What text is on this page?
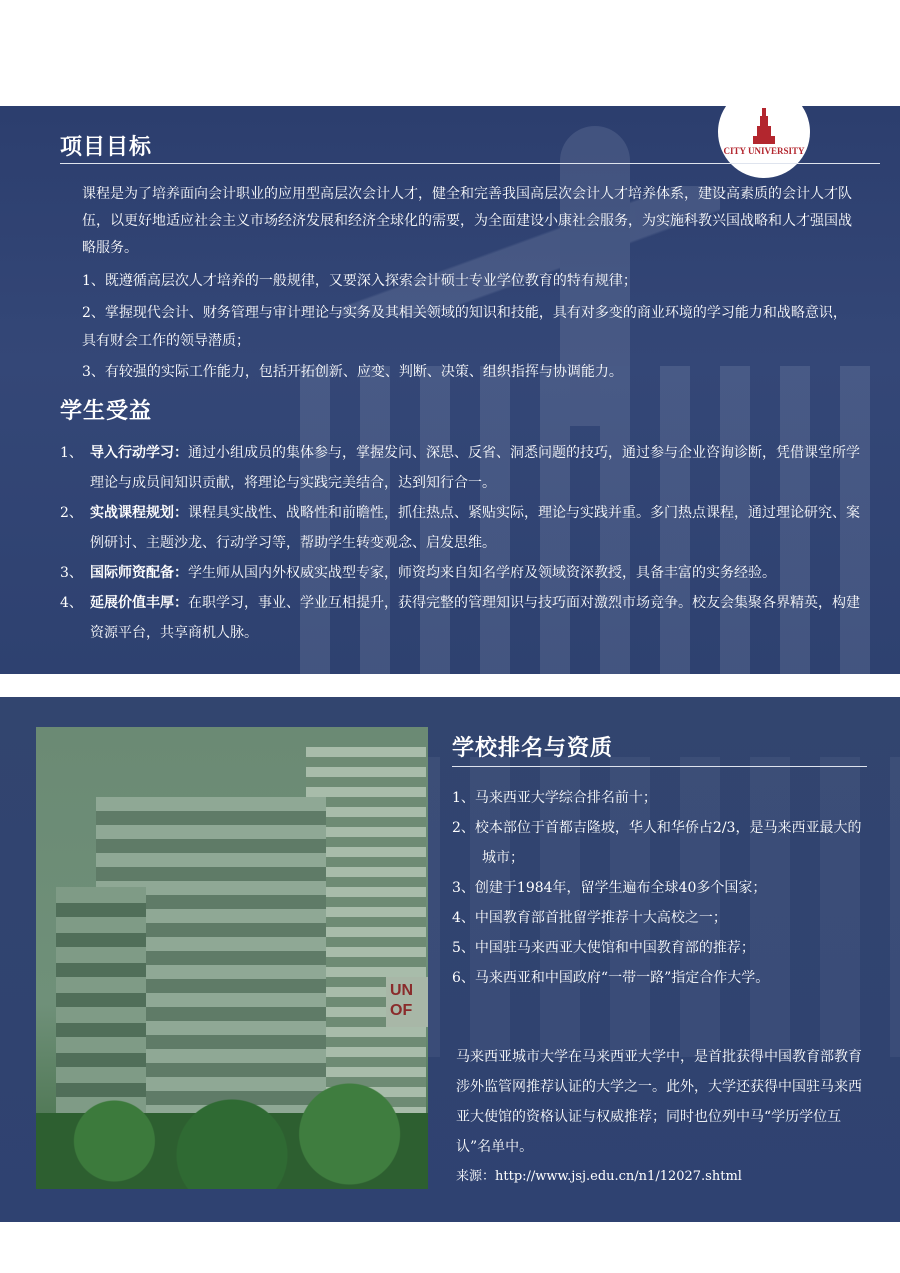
CITY UNIVERSITY
项目目标

课程是为了培养面向会计职业的应用型高层次会计人才，健全和完善我国高层次会计人才培养体系，建设高素质的会计人才队伍，以更好地适应社会主义市场经济发展和经济全球化的需要，为全面建设小康社会服务，为实施科教兴国战略和人才强国战略服务。

1、既遵循高层次人才培养的一般规律，又要深入探索会计硕士专业学位教育的特有规律；
2、掌握现代会计、财务管理与审计理论与实务及其相关领域的知识和技能，具有对多变的商业环境的学习能力和战略意识，具有财会工作的领导潜质；
3、有较强的实际工作能力，包括开拓创新、应变、判断、决策、组织指挥与协调能力。
学生受益
1、 导入行动学习：通过小组成员的集体参与，掌握发问、深思、反省、洞悉问题的技巧，通过参与企业咨询诊断，凭借课堂所学理论与成员间知识贡献，将理论与实践完美结合，达到知行合一。
2、 实战课程规划：课程具实战性、战略性和前瞻性，抓住热点、紧贴实际，理论与实践并重。多门热点课程，通过理论研究、案例研讨、主题沙龙、行动学习等，帮助学生转变观念、启发思维。
3、 国际师资配备：学生师从国内外权威实战型专家，师资均来自知名学府及领域资深教授，具备丰富的实务经验。
4、 延展价值丰厚：在职学习，事业、学业互相提升，获得完整的管理知识与技巧面对激烈市场竞争。校友会集聚各界精英，构建资源平台，共享商机人脉。
UN OF
学校排名与资质
1、马来西亚大学综合排名前十；
2、校本部位于首都吉隆坡，华人和华侨占2/3，是马来西亚最大的城市；
3、创建于1984年，留学生遍布全球40多个国家；
4、中国教育部首批留学推荐十大高校之一；
5、中国驻马来西亚大使馆和中国教育部的推荐；
6、马来西亚和中国政府“一带一路”指定合作大学。

马来西亚城市大学在马来西亚大学中，是首批获得中国教育部教育涉外监管网推荐认证的大学之一。此外，大学还获得中国驻马来西亚大使馆的资格认证与权威推荐；同时也位列中马“学历学位互认”名单中。

来源：http://www.jsj.edu.cn/n1/12027.shtml
